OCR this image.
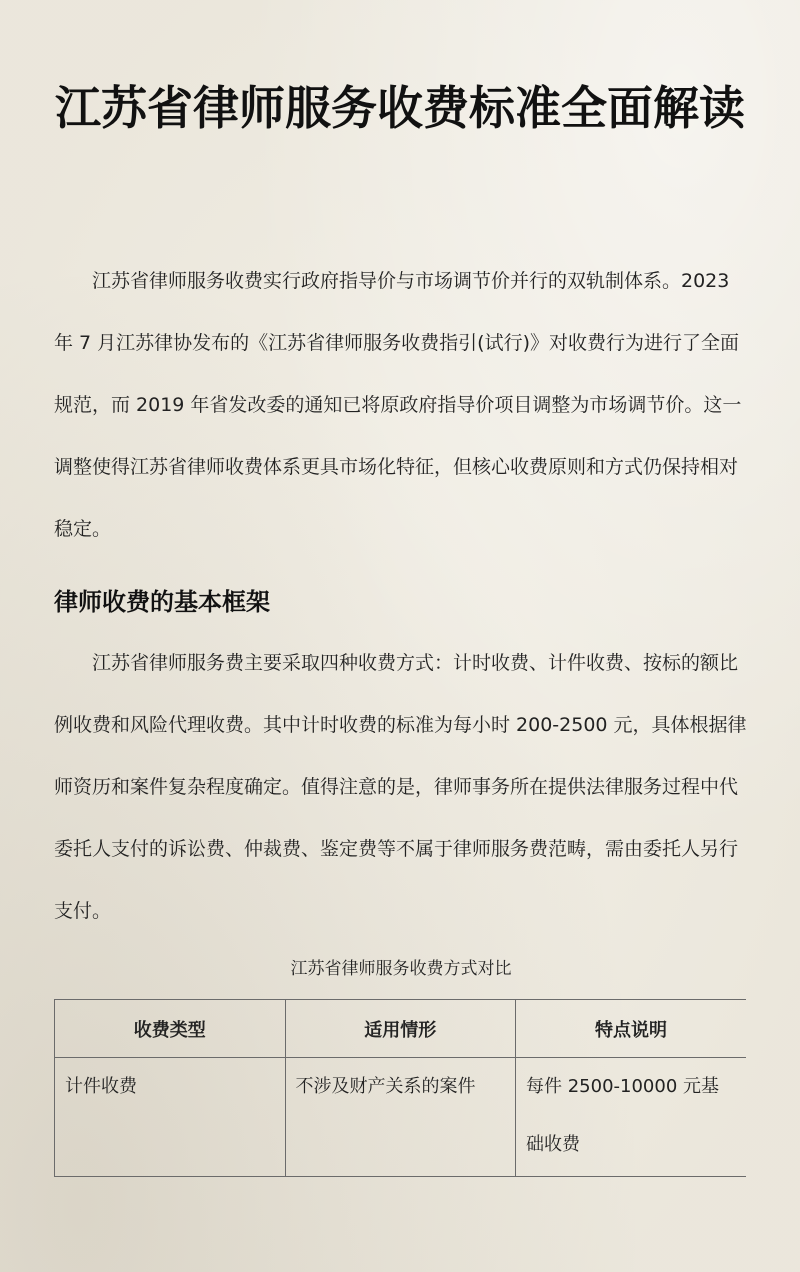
江苏省律师服务收费标准全面解读

江苏省律师服务收费实行政府指导价与市场调节价并行的双轨制体系。2023 年 7 月江苏律协发布的《江苏省律师服务收费指引(试行)》对收费行为进行了全面规范，而 2019 年省发改委的通知已将原政府指导价项目调整为市场调节价。这一调整使得江苏省律师收费体系更具市场化特征，但核心收费原则和方式仍保持相对稳定。

律师收费的基本框架

江苏省律师服务费主要采取四种收费方式：计时收费、计件收费、按标的额比例收费和风险代理收费。其中计时收费的标准为每小时 200-2500 元，具体根据律师资历和案件复杂程度确定。值得注意的是，律师事务所在提供法律服务过程中代委托人支付的诉讼费、仲裁费、鉴定费等不属于律师服务费范畴，需由委托人另行支付。

江苏省律师服务收费方式对比
收费类型	适用情形	特点说明
计件收费	不涉及财产关系的案件	每件 2500-10000 元基础收费
